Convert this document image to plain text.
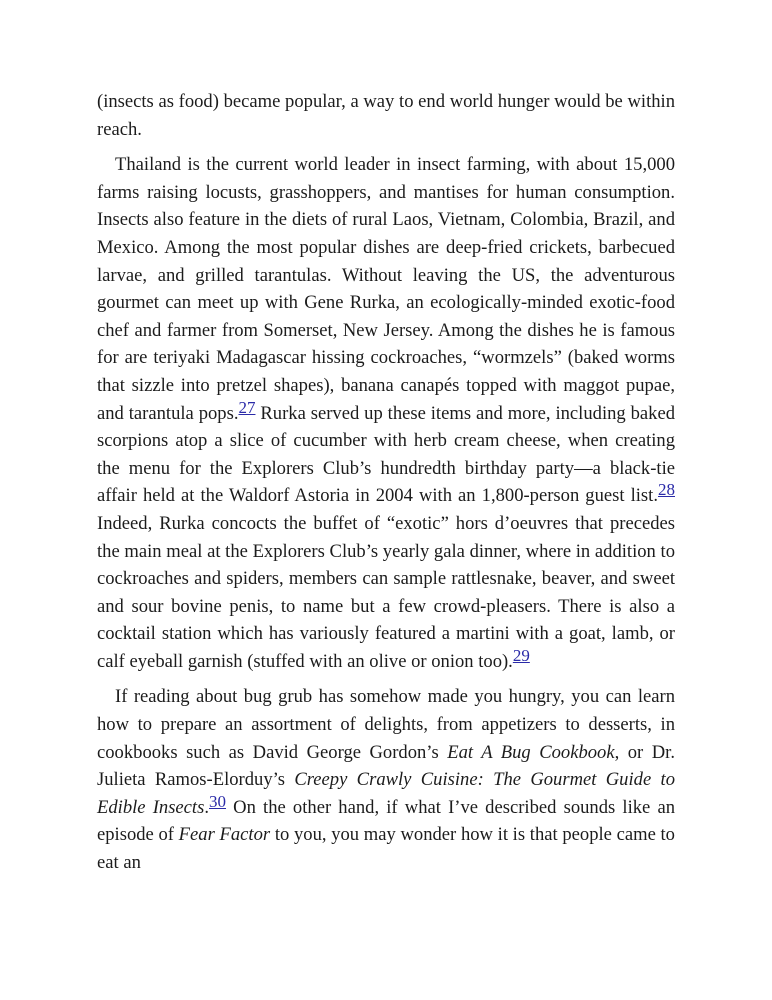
(insects as food) became popular, a way to end world hunger would be within reach.

Thailand is the current world leader in insect farming, with about 15,000 farms raising locusts, grasshoppers, and mantises for human consumption. Insects also feature in the diets of rural Laos, Vietnam, Colombia, Brazil, and Mexico. Among the most popular dishes are deep-fried crickets, barbecued larvae, and grilled tarantulas. Without leaving the US, the adventurous gourmet can meet up with Gene Rurka, an ecologically-minded exotic-food chef and farmer from Somerset, New Jersey. Among the dishes he is famous for are teriyaki Madagascar hissing cockroaches, “wormzels” (baked worms that sizzle into pretzel shapes), banana canapés topped with maggot pupae, and tarantula pops.27 Rurka served up these items and more, including baked scorpions atop a slice of cucumber with herb cream cheese, when creating the menu for the Explorers Club’s hundredth birthday party—a black-tie affair held at the Waldorf Astoria in 2004 with an 1,800-person guest list.28 Indeed, Rurka concocts the buffet of “exotic” hors d’oeuvres that precedes the main meal at the Explorers Club’s yearly gala dinner, where in addition to cockroaches and spiders, members can sample rattlesnake, beaver, and sweet and sour bovine penis, to name but a few crowd-pleasers. There is also a cocktail station which has variously featured a martini with a goat, lamb, or calf eyeball garnish (stuffed with an olive or onion too).29

If reading about bug grub has somehow made you hungry, you can learn how to prepare an assortment of delights, from appetizers to desserts, in cookbooks such as David George Gordon’s Eat A Bug Cookbook, or Dr. Julieta Ramos-Elorduy’s Creepy Crawly Cuisine: The Gourmet Guide to Edible Insects.30 On the other hand, if what I’ve described sounds like an episode of Fear Factor to you, you may wonder how it is that people came to eat an
